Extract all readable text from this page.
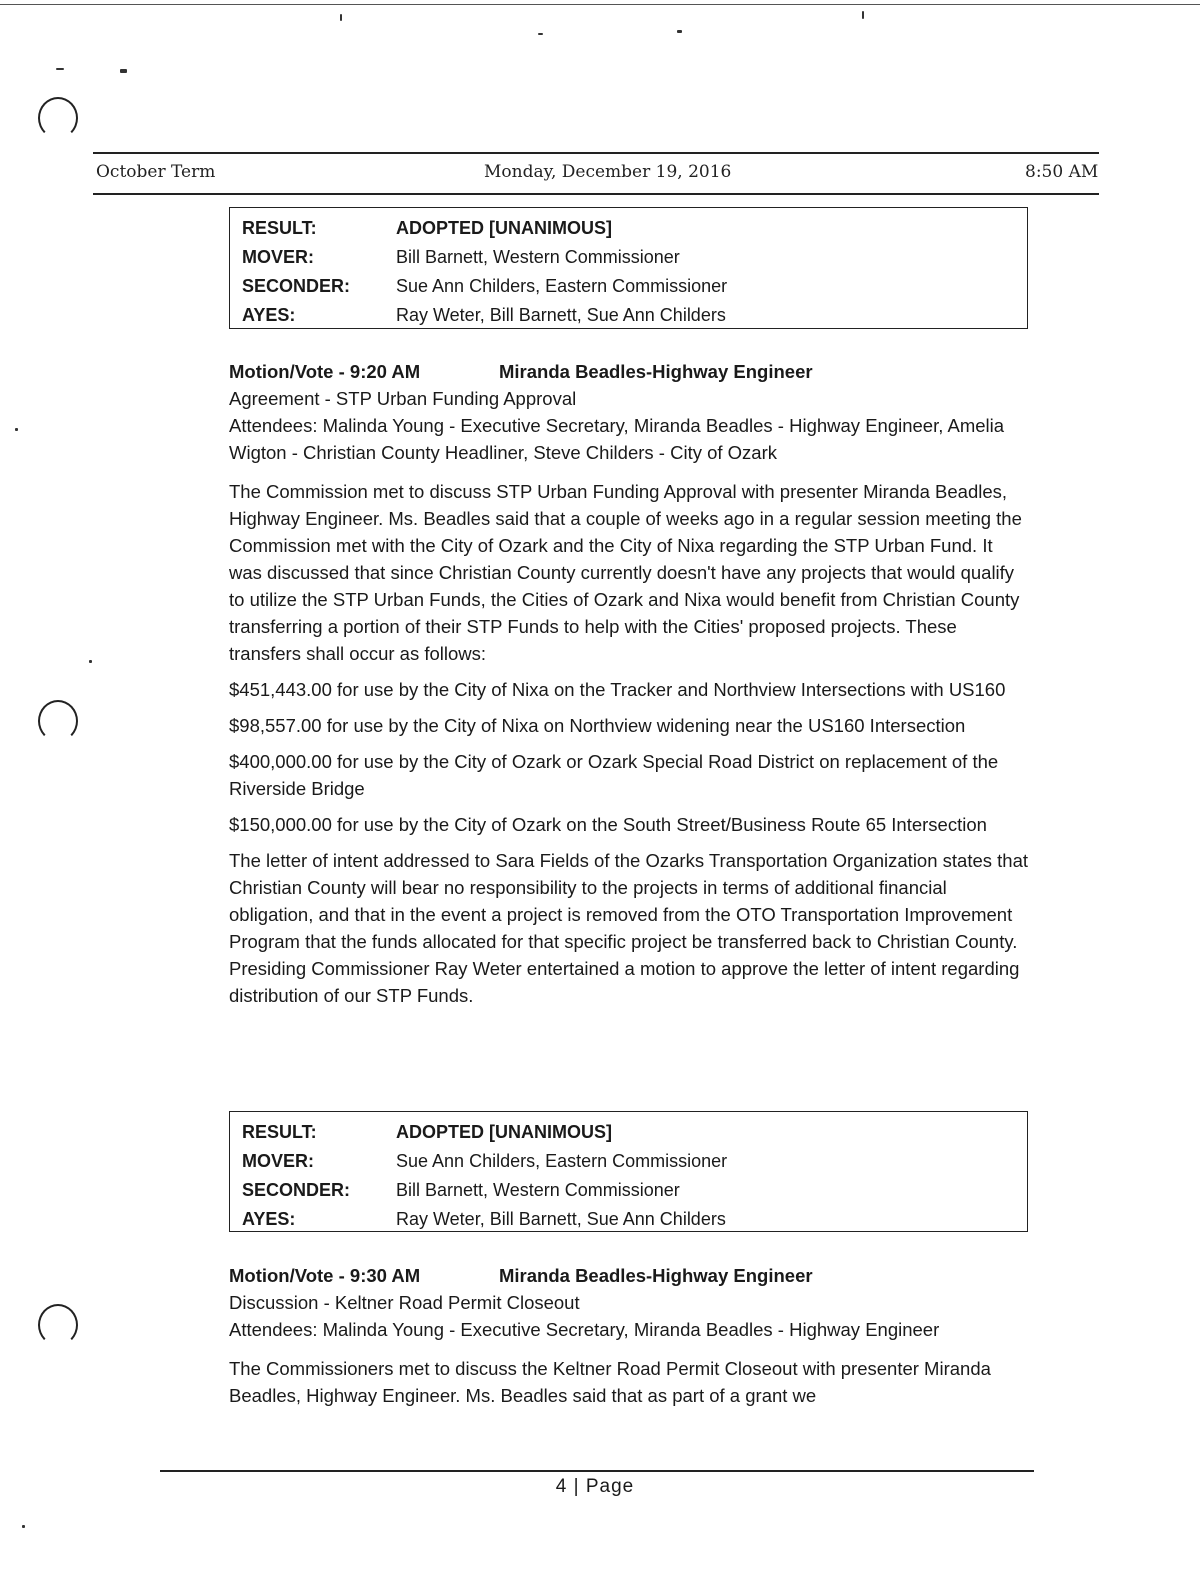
October Term	Monday, December 19, 2016	8:50 AM
RESULT:	ADOPTED [UNANIMOUS]
MOVER:	Bill Barnett, Western Commissioner
SECONDER:	Sue Ann Childers, Eastern Commissioner
AYES:	Ray Weter, Bill Barnett, Sue Ann Childers
Motion/Vote - 9:20 AM	Miranda Beadles-Highway Engineer
Agreement - STP Urban Funding Approval

Attendees: Malinda Young - Executive Secretary, Miranda Beadles - Highway Engineer, Amelia Wigton - Christian County Headliner, Steve Childers - City of Ozark

The Commission met to discuss STP Urban Funding Approval with presenter Miranda Beadles, Highway Engineer. Ms. Beadles said that a couple of weeks ago in a regular session meeting the Commission met with the City of Ozark and the City of Nixa regarding the STP Urban Fund. It was discussed that since Christian County currently doesn't have any projects that would qualify to utilize the STP Urban Funds, the Cities of Ozark and Nixa would benefit from Christian County transferring a portion of their STP Funds to help with the Cities' proposed projects. These transfers shall occur as follows:

$451,443.00 for use by the City of Nixa on the Tracker and Northview Intersections with US160

$98,557.00 for use by the City of Nixa on Northview widening near the US160 Intersection

$400,000.00 for use by the City of Ozark or Ozark Special Road District on replacement of the Riverside Bridge

$150,000.00 for use by the City of Ozark on the South Street/Business Route 65 Intersection

The letter of intent addressed to Sara Fields of the Ozarks Transportation Organization states that Christian County will bear no responsibility to the projects in terms of additional financial obligation, and that in the event a project is removed from the OTO Transportation Improvement Program that the funds allocated for that specific project be transferred back to Christian County. Presiding Commissioner Ray Weter entertained a motion to approve the letter of intent regarding distribution of our STP Funds.

RESULT:	ADOPTED [UNANIMOUS]
MOVER:	Sue Ann Childers, Eastern Commissioner
SECONDER:	Bill Barnett, Western Commissioner
AYES:	Ray Weter, Bill Barnett, Sue Ann Childers
Motion/Vote - 9:30 AM	Miranda Beadles-Highway Engineer
Discussion - Keltner Road Permit Closeout

Attendees: Malinda Young - Executive Secretary, Miranda Beadles - Highway Engineer

The Commissioners met to discuss the Keltner Road Permit Closeout with presenter Miranda Beadles, Highway Engineer. Ms. Beadles said that as part of a grant we

4 | Page
